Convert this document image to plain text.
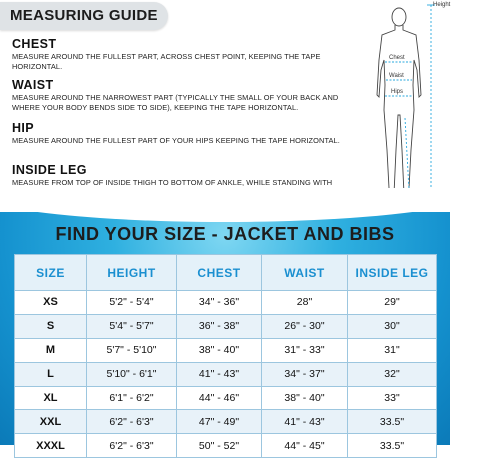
MEASURING GUIDE
CHEST

MEASURE AROUND THE FULLEST PART, ACROSS CHEST POINT, KEEPING THE TAPE HORIZONTAL.

WAIST

MEASURE AROUND THE NARROWEST PART (TYPICALLY THE SMALL OF YOUR BACK AND WHERE YOUR BODY BENDS SIDE TO SIDE), KEEPING THE TAPE HORIZONTAL.

HIP

MEASURE AROUND THE FULLEST PART OF YOUR HIPS KEEPING THE TAPE HORIZONTAL.

INSIDE LEG

MEASURE FROM TOP OF INSIDE THIGH TO BOTTOM OF ANKLE, WHILE STANDING WITH

Height
Chest
Waist
Hips
FIND YOUR SIZE - JACKET AND BIBS
SIZE	HEIGHT	CHEST	WAIST	INSIDE LEG
XS	5'2" - 5'4"	34" - 36"	28"	29"
S	5'4" - 5'7"	36" - 38"	26" - 30"	30"
M	5'7" - 5'10"	38" - 40"	31" - 33"	31"
L	5'10" - 6'1"	41" - 43"	34" - 37"	32"
XL	6'1" - 6'2"	44" - 46"	38" - 40"	33"
XXL	6'2" - 6'3"	47" - 49"	41" - 43"	33.5"
XXXL	6'2" - 6'3"	50" - 52"	44" - 45"	33.5"
